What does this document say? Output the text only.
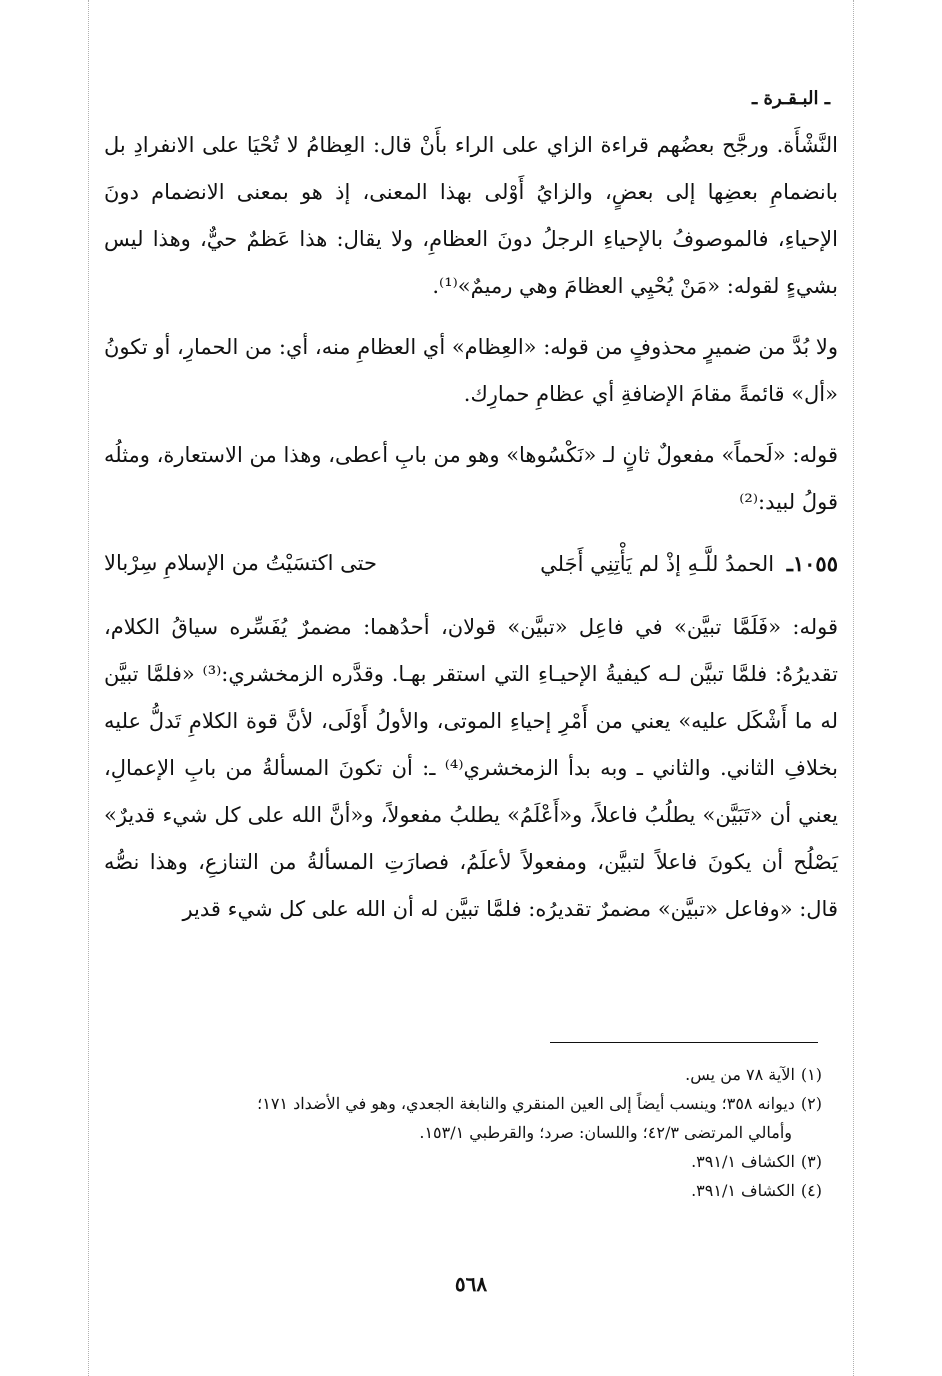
ـ البـقـرة ـ

النَّشْأَة. ورجَّح بعضُهم قراءة الزاي على الراء بأَنْ قال: العِظامُ لا تُحْيَا على الانفرادِ بل بانضمامِ بعضِها إلى بعضٍ، والزايُ أَوْلى بهذا المعنى، إذ هو بمعنى الانضمام دونَ الإحياءِ، فالموصوفُ بالإحياءِ الرجلُ دونَ العظامِ، ولا يقال: هذا عَظمٌ حيٌّ، وهذا ليس بشيءٍ لقوله: «مَنْ يُحْيِي العظامَ وهي رميمٌ»⁽¹⁾.

ولا بُدَّ من ضميرٍ محذوفٍ من قوله: «العِظام» أي العظامِ منه، أي: من الحمارِ، أو تكونُ «أل» قائمةً مقامَ الإضافةِ أي عظامِ حمارِك.

قوله: «لَحماً» مفعولٌ ثانٍ لـ «نَكْسُوها» وهو من بابِ أعطى، وهذا من الاستعارة، ومثلُه قولُ لبيد:⁽²⁾

١٠٥٥ـ الحمدُ للَّـهِ إذْ لم يَأْتِنِي أَجَلي
حتى اكتسَيْتُ من الإسلامِ سِرْبالا

قوله: «فَلَمَّا تبيَّن» في فاعِل «تبيَّن» قولان، أحدُهما: مضمرٌ يُفَسِّره سياقُ الكلام، تقديرُهُ: فلمَّا تبيَّن لـه كيفيةُ الإحيـاءِ التي استقر بهـا. وقدَّره الزمخشري:⁽³⁾ «فلمَّا تبيَّن له ما أَشْكَل عليه» يعني من أَمْرِ إحياءِ الموتى، والأولُ أَوْلَى، لأنَّ قوة الكلامِ تَدلُّ عليه بخلافِ الثاني. والثاني ـ وبه بدأ الزمخشري⁽⁴⁾ ـ: أن تكونَ المسألةُ من بابِ الإعمالِ، يعني أن «تَبَيَّن» يطلُبُ فاعلاً، و«أَعْلَمُ» يطلبُ مفعولاً، و«أنَّ الله على كل شيء قديرٌ» يَصْلُح أن يكونَ فاعلاً لتبيَّن، ومفعولاً لأعلَمُ، فصارَتِ المسألةُ من التنازعِ، وهذا نصُّه قال: «وفاعل «تبيَّن» مضمرٌ تقديرُه: فلمَّا تبيَّن له أن الله على كل شيء قدير

(١)الآية ٧٨ من يس.

(٢)ديوانه ٣٥٨؛ وينسب أيضاً إلى العين المنقري والنابغة الجعدي، وهو في الأضداد ١٧١؛

وأمالي المرتضى ٤٢/٣؛ واللسان: صرد؛ والقرطبي ١٥٣/١.

(٣)الكشاف ٣٩١/١.

(٤)الكشاف ٣٩١/١.

٥٦٨
